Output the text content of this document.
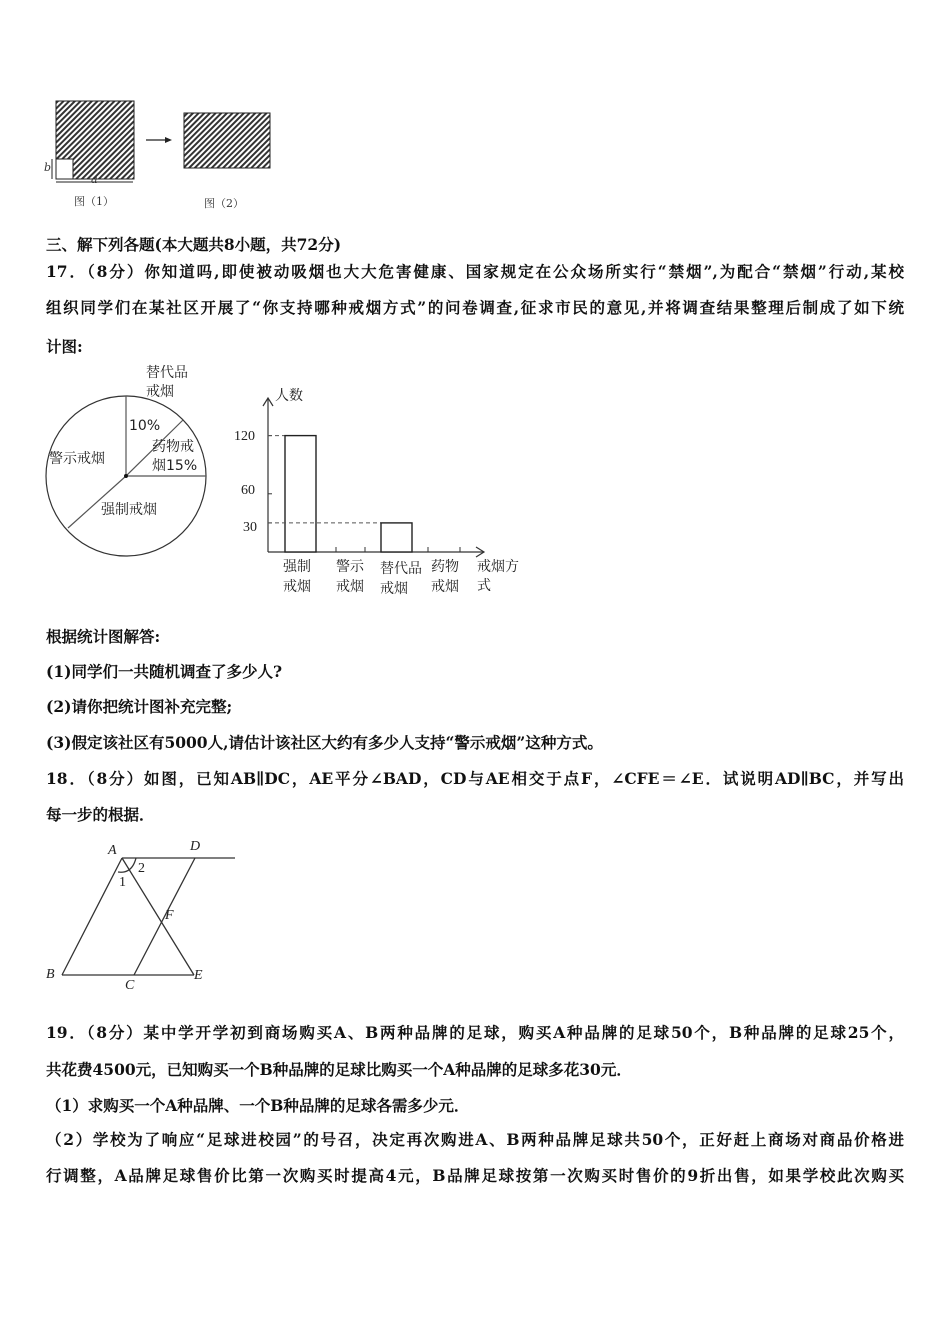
a
b
图（1）	图（2）
三、解下列各题(本大题共8小题，共72分)
17．（8分）你知道吗,即使被动吸烟也大大危害健康、国家规定在公众场所实行“禁烟”,为配合“禁烟”行动,某校
组织同学们在某社区开展了“你支持哪种戒烟方式”的问卷调查,征求市民的意见,并将调查结果整理后制成了如下统
计图:
替代品
戒烟
10%
药物戒
烟15%
警示戒烟
强制戒烟
人数
戒烟方
式
120
60
30
强制
戒烟
警示
戒烟
替代品
戒烟
药物
戒烟
根据统计图解答:
(1)同学们一共随机调查了多少人?
(2)请你把统计图补充完整;
(3)假定该社区有5000人,请估计该社区大约有多少人支持“警示戒烟”这种方式。
18．（8分）如图，已知AB∥DC，AE平分∠BAD，CD与AE相交于点F，∠CFE＝∠E．试说明AD∥BC，并写出
每一步的根据．
A	D
2
1
F
B
C
E
19．（8分）某中学开学初到商场购买A、B两种品牌的足球，购买A种品牌的足球50个，B种品牌的足球25个，
共花费4500元，已知购买一个B种品牌的足球比购买一个A种品牌的足球多花30元．
（1）求购买一个A种品牌、一个B种品牌的足球各需多少元．
（2）学校为了响应“足球进校园”的号召，决定再次购进A、B两种品牌足球共50个，正好赶上商场对商品价格进
行调整，A品牌足球售价比第一次购买时提高4元，B品牌足球按第一次购买时售价的9折出售，如果学校此次购买
